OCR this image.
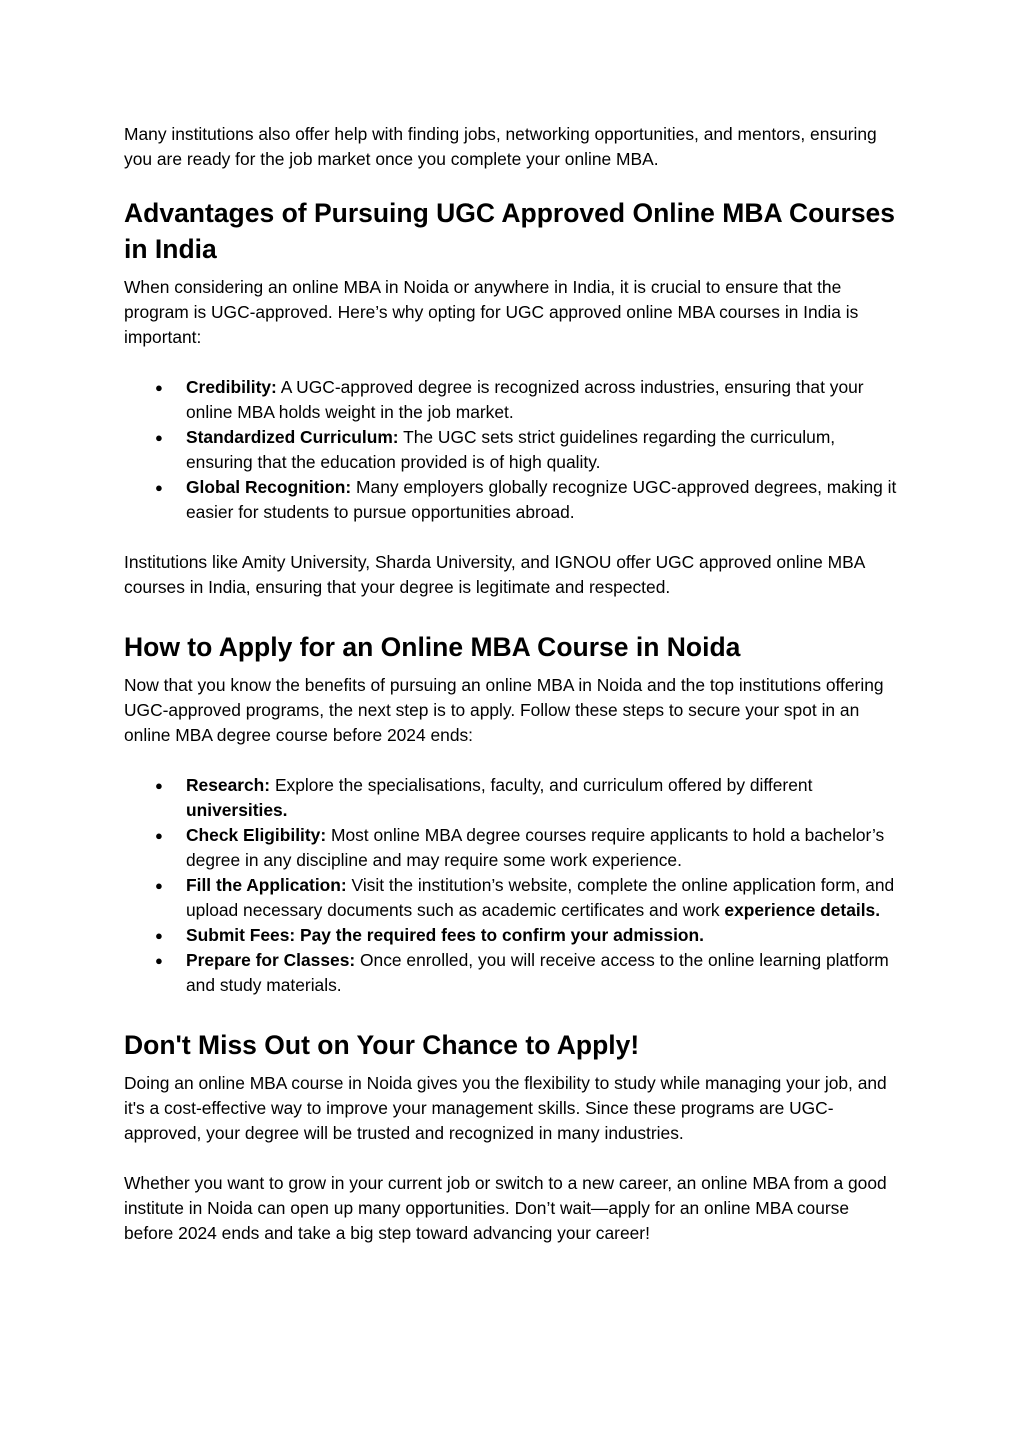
Many institutions also offer help with finding jobs, networking opportunities, and mentors, ensuring you are ready for the job market once you complete your online MBA.

Advantages of Pursuing UGC Approved Online MBA Courses in India

When considering an online MBA in Noida or anywhere in India, it is crucial to ensure that the program is UGC-approved. Here’s why opting for UGC approved online MBA courses in India is important:

● Credibility: A UGC-approved degree is recognized across industries, ensuring that your online MBA holds weight in the job market.
● Standardized Curriculum: The UGC sets strict guidelines regarding the curriculum, ensuring that the education provided is of high quality.
● Global Recognition: Many employers globally recognize UGC-approved degrees, making it easier for students to pursue opportunities abroad.

Institutions like Amity University, Sharda University, and IGNOU offer UGC approved online MBA courses in India, ensuring that your degree is legitimate and respected.

How to Apply for an Online MBA Course in Noida

Now that you know the benefits of pursuing an online MBA in Noida and the top institutions offering UGC-approved programs, the next step is to apply. Follow these steps to secure your spot in an online MBA degree course before 2024 ends:

● Research: Explore the specialisations, faculty, and curriculum offered by different universities.
● Check Eligibility: Most online MBA degree courses require applicants to hold a bachelor’s degree in any discipline and may require some work experience.
● Fill the Application: Visit the institution’s website, complete the online application form, and upload necessary documents such as academic certificates and work experience details.
● Submit Fees: Pay the required fees to confirm your admission.
● Prepare for Classes: Once enrolled, you will receive access to the online learning platform and study materials.
Don't Miss Out on Your Chance to Apply!

Doing an online MBA course in Noida gives you the flexibility to study while managing your job, and it's a cost-effective way to improve your management skills. Since these programs are UGC-approved, your degree will be trusted and recognized in many industries.

Whether you want to grow in your current job or switch to a new career, an online MBA from a good institute in Noida can open up many opportunities. Don’t wait—apply for an online MBA course before 2024 ends and take a big step toward advancing your career!
